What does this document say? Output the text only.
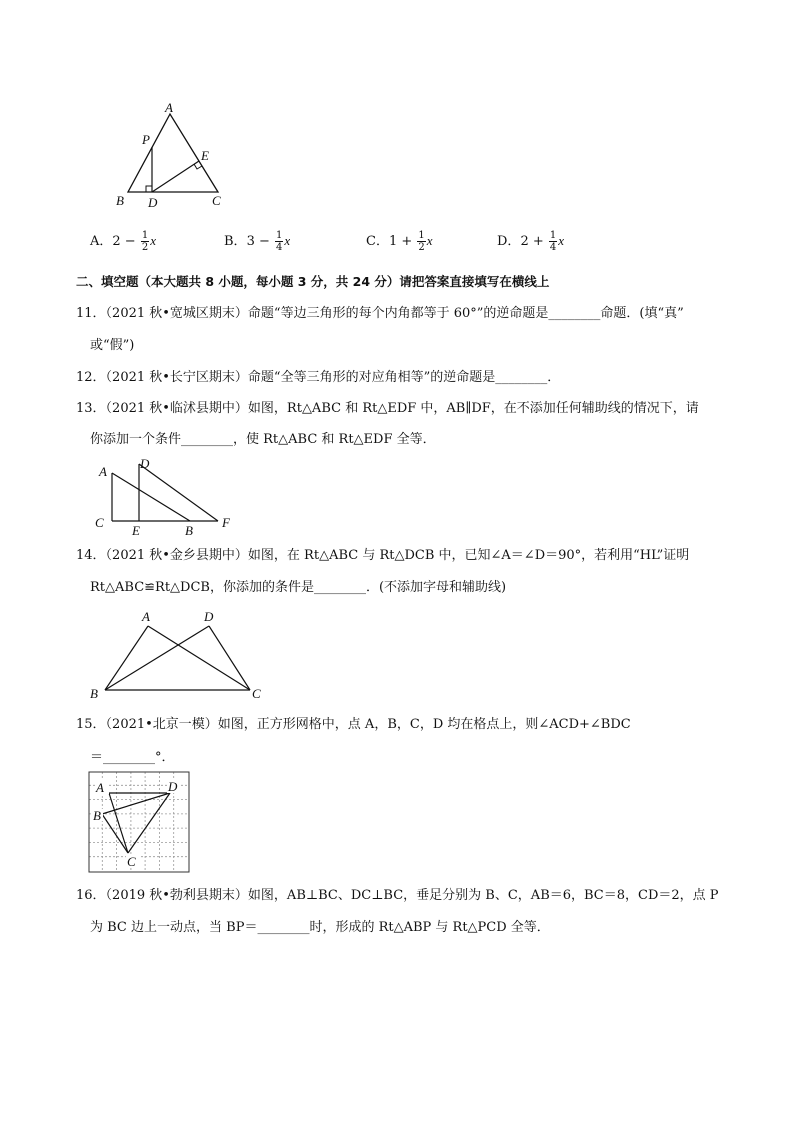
A
P
E
B D	C
A．$2 - \frac{1}{2}$ x	B．$3 - \frac{1}{4}$ x	C．$1 + \frac{1}{2}$ x	D．$2 + \frac{1}{4}$ x
二、填空题（本大题共 8 小题，每小题 3 分，共 24 分）请把答案直接填写在横线上
11．（2021 秋•宽城区期末）命题“等边三角形的每个内角都等于 60°”的逆命题是________命题．(填“真”
或“假”)
12．（2021 秋•长宁区期末）命题“全等三角形的对应角相等”的逆命题是________．
13．（2021 秋•临沭县期中）如图，Rt△ABC 和 Rt△EDF 中，AB∥DF，在不添加任何辅助线的情况下，请
你添加一个条件________，使 Rt△ABC 和 Rt△EDF 全等．
A
D
C
E	B
F
14．（2021 秋•金乡县期中）如图，在 Rt△ABC 与 Rt△DCB 中，已知∠A＝∠D＝90°，若利用“HL”证明
Rt△ABC≌Rt△DCB，你添加的条件是________．(不添加字母和辅助线)
A	D
B	C
15．（2021•北京一模）如图，正方形网格中，点 A，B，C，D 均在格点上，则∠ACD+∠BDC
＝________°．
A	D
B
C
16．（2019 秋•勃利县期末）如图，AB⊥BC、DC⊥BC，垂足分别为 B、C，AB＝6，BC＝8，CD＝2，点 P
为 BC 边上一动点，当 BP＝________时，形成的 Rt△ABP 与 Rt△PCD 全等．
